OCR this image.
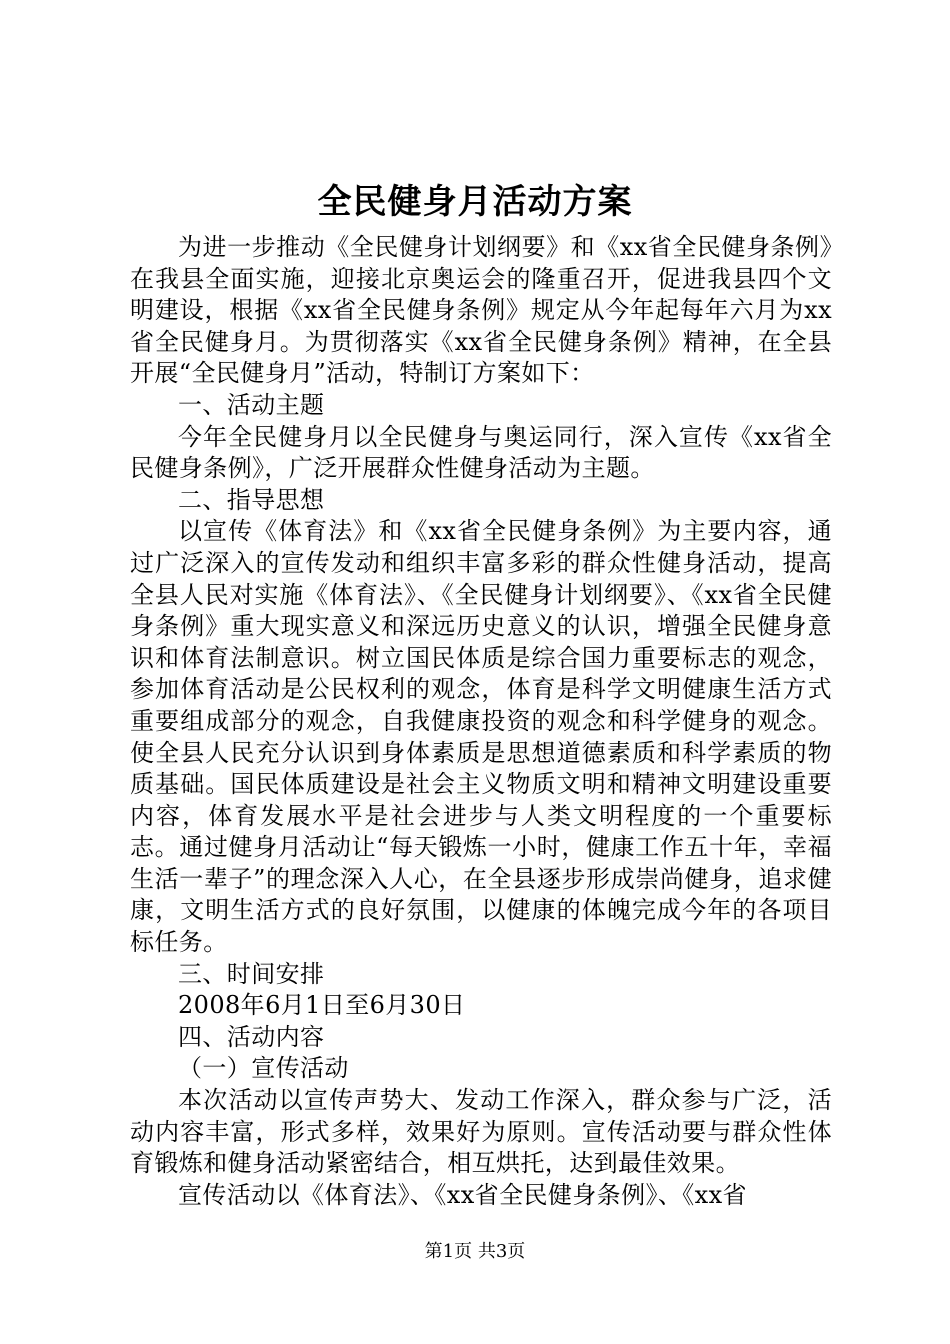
全民健身月活动方案

为进一步推动《全民健身计划纲要》和《xx省全民健身条例》在我县全面实施，迎接北京奥运会的隆重召开，促进我县四个文明建设，根据《xx省全民健身条例》规定从今年起每年六月为xx省全民健身月。为贯彻落实《xx省全民健身条例》精神，在全县开展“全民健身月”活动，特制订方案如下：

一、活动主题

今年全民健身月以全民健身与奥运同行，深入宣传《xx省全民健身条例》，广泛开展群众性健身活动为主题。

二、指导思想

以宣传《体育法》和《xx省全民健身条例》为主要内容，通过广泛深入的宣传发动和组织丰富多彩的群众性健身活动，提高全县人民对实施《体育法》、《全民健身计划纲要》、《xx省全民健身条例》重大现实意义和深远历史意义的认识，增强全民健身意识和体育法制意识。树立国民体质是综合国力重要标志的观念，参加体育活动是公民权利的观念，体育是科学文明健康生活方式重要组成部分的观念，自我健康投资的观念和科学健身的观念。使全县人民充分认识到身体素质是思想道德素质和科学素质的物质基础。国民体质建设是社会主义物质文明和精神文明建设重要内容，体育发展水平是社会进步与人类文明程度的一个重要标志。通过健身月活动让“每天锻炼一小时，健康工作五十年，幸福生活一辈子”的理念深入人心，在全县逐步形成崇尚健身，追求健康，文明生活方式的良好氛围，以健康的体魄完成今年的各项目标任务。

三、时间安排

2008年6月1日至6月30日

四、活动内容

（一）宣传活动

本次活动以宣传声势大、发动工作深入，群众参与广泛，活动内容丰富，形式多样，效果好为原则。宣传活动要与群众性体育锻炼和健身活动紧密结合，相互烘托，达到最佳效果。

宣传活动以《体育法》、《xx省全民健身条例》、《xx省

第1页 共3页
